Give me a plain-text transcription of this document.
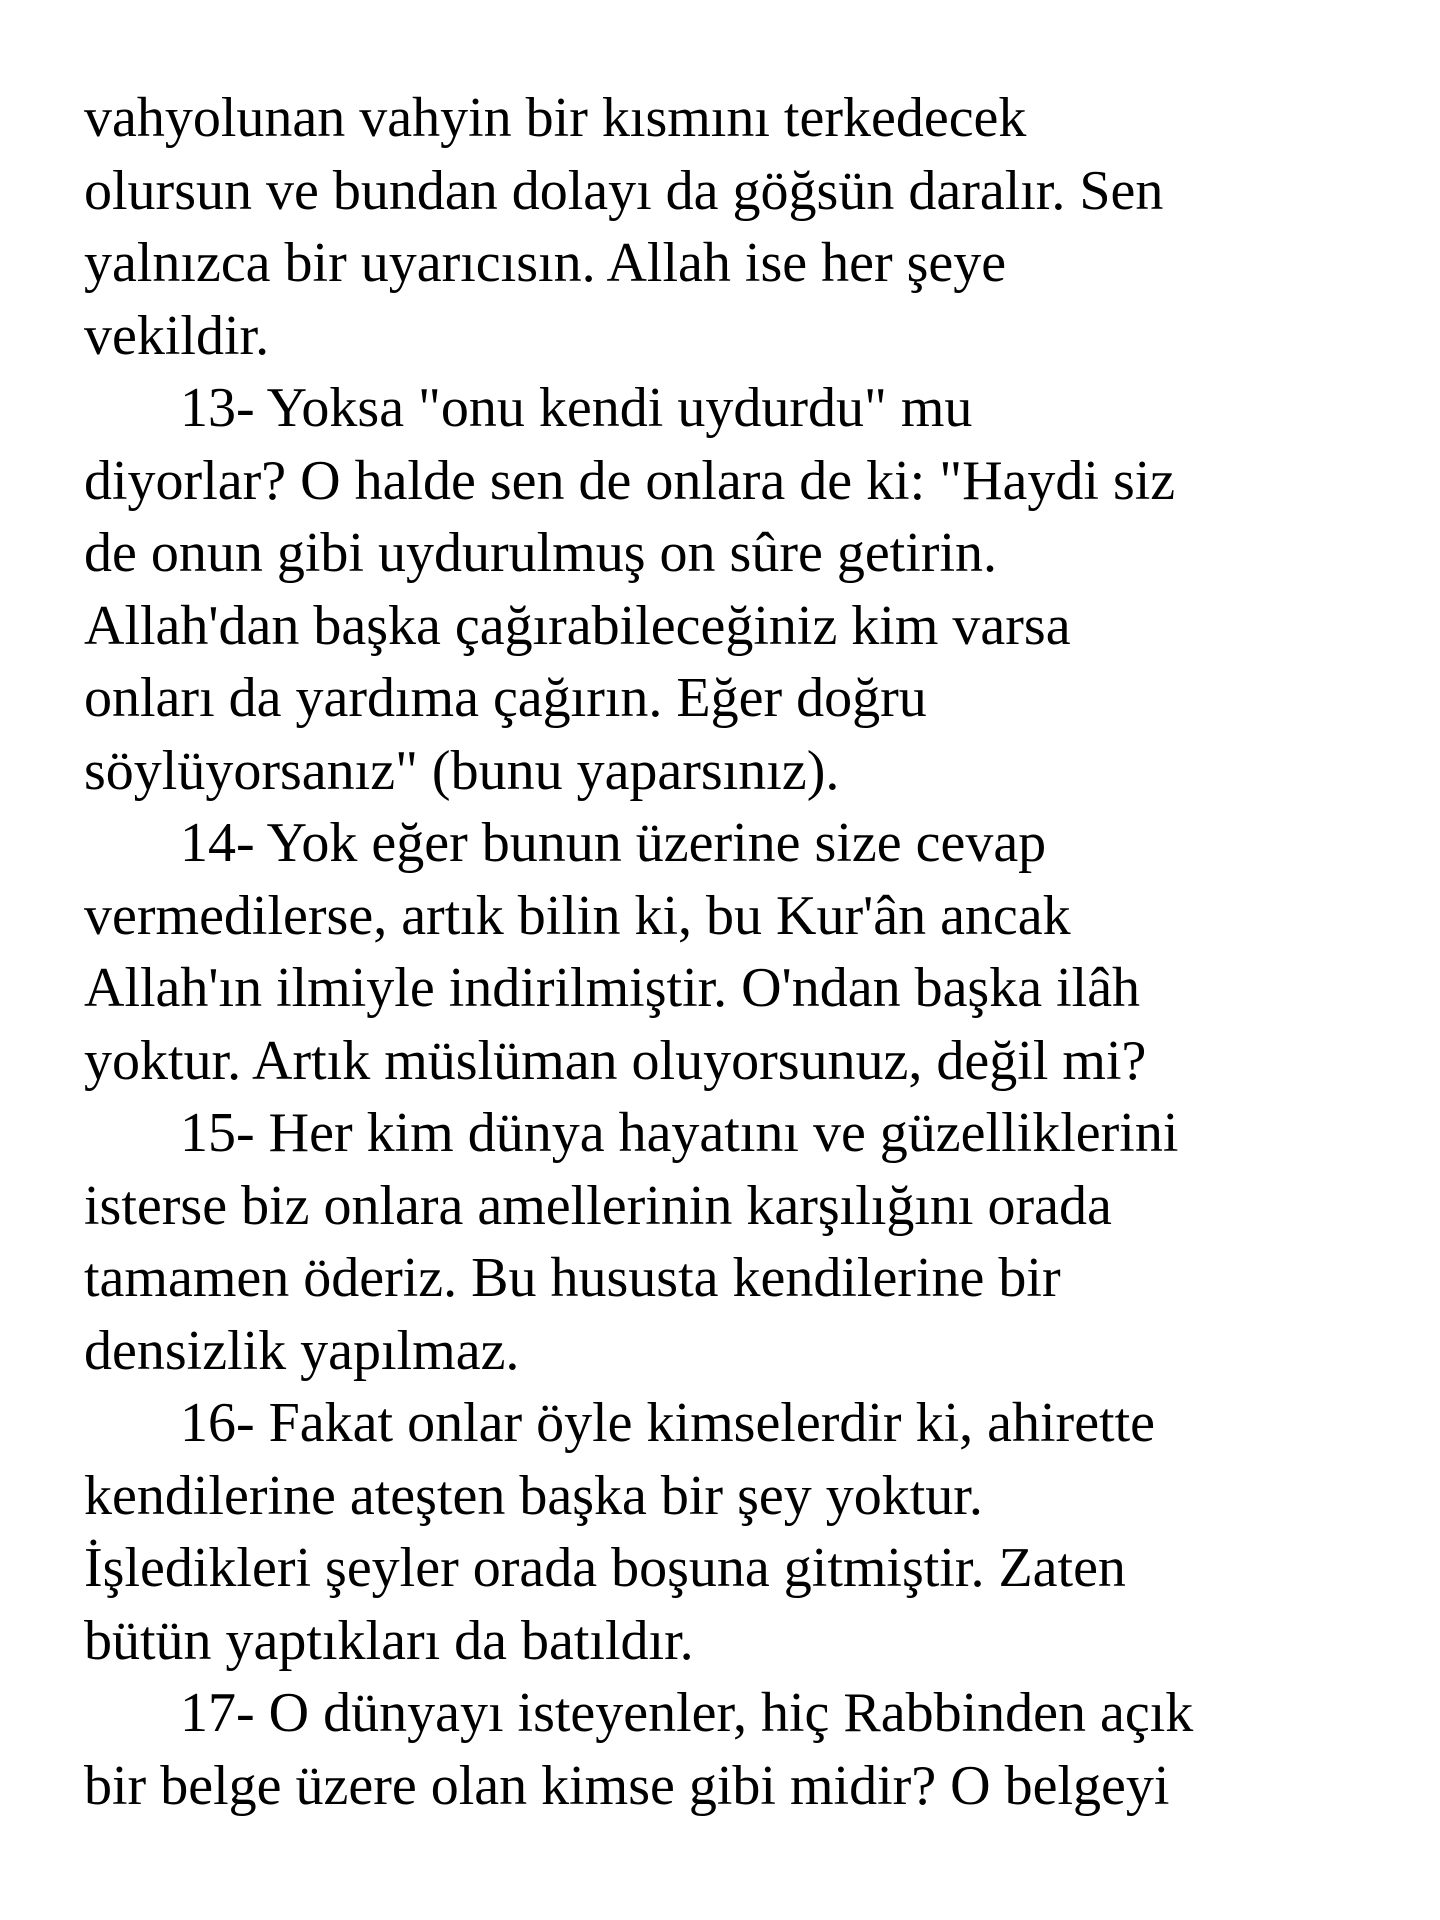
vahyolunan vahyin bir kısmını terkedecek
olursun ve bundan dolayı da göğsün daralır. Sen
yalnızca bir uyarıcısın. Allah ise her şeye
vekildir.
13- Yoksa "onu kendi uydurdu" mu
diyorlar? O halde sen de onlara de ki: "Haydi siz
de onun gibi uydurulmuş on sûre getirin.
Allah'dan başka çağırabileceğiniz kim varsa
onları da yardıma çağırın. Eğer doğru
söylüyorsanız" (bunu yaparsınız).
14- Yok eğer bunun üzerine size cevap
vermedilerse, artık bilin ki, bu Kur'ân ancak
Allah'ın ilmiyle indirilmiştir. O'ndan başka ilâh
yoktur. Artık müslüman oluyorsunuz, değil mi?
15- Her kim dünya hayatını ve güzelliklerini
isterse biz onlara amellerinin karşılığını orada
tamamen öderiz. Bu hususta kendilerine bir
densizlik yapılmaz.
16- Fakat onlar öyle kimselerdir ki, ahirette
kendilerine ateşten başka bir şey yoktur.
İşledikleri şeyler orada boşuna gitmiştir. Zaten
bütün yaptıkları da batıldır.
17- O dünyayı isteyenler, hiç Rabbinden açık
bir belge üzere olan kimse gibi midir? O belgeyi
